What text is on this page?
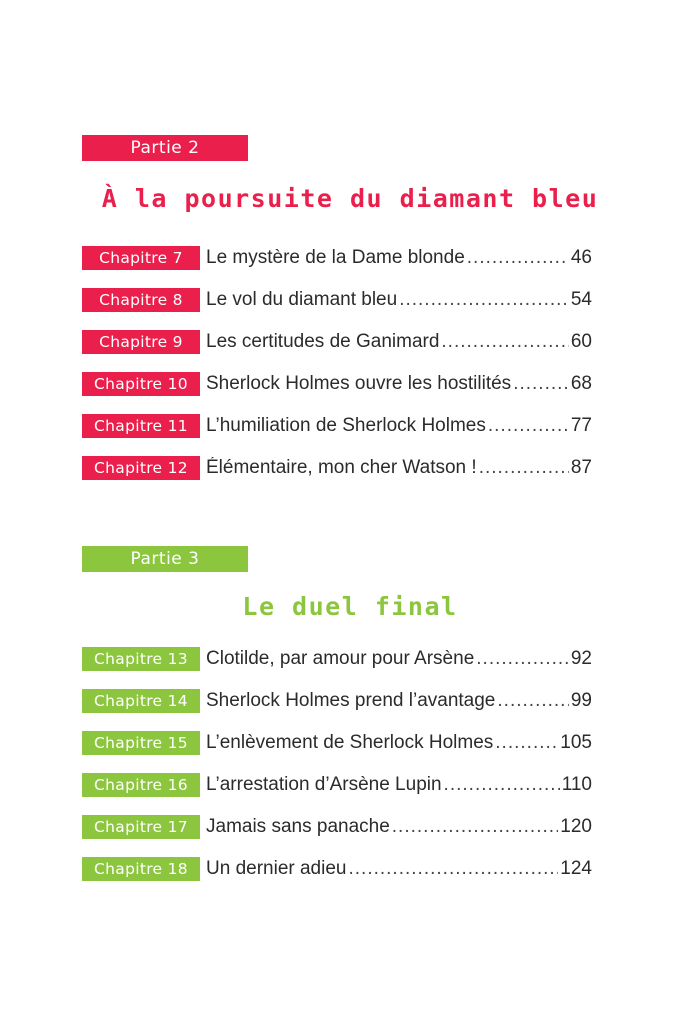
Partie 2
À la poursuite du diamant bleu
Chapitre 7	Le mystère de la Dame blonde .....	46
Chapitre 8	Le vol du diamant bleu .....	54
Chapitre 9	Les certitudes de Ganimard .....	60
Chapitre 10 Sherlock Holmes ouvre les hostilités .....	68
Chapitre 11 L’humiliation de Sherlock Holmes .....	77
Chapitre 12 Élémentaire, mon cher Watson ! .....	87
Partie 3
Le duel final
Chapitre 13 Clotilde, par amour pour Arsène .....	92
Chapitre 14 Sherlock Holmes prend l’avantage .....	99
Chapitre 15 L’enlèvement de Sherlock Holmes .....	105
Chapitre 16 L’arrestation d’Arsène Lupin .....	110
Chapitre 17 Jamais sans panache .....	120
Chapitre 18 Un dernier adieu .....	124
